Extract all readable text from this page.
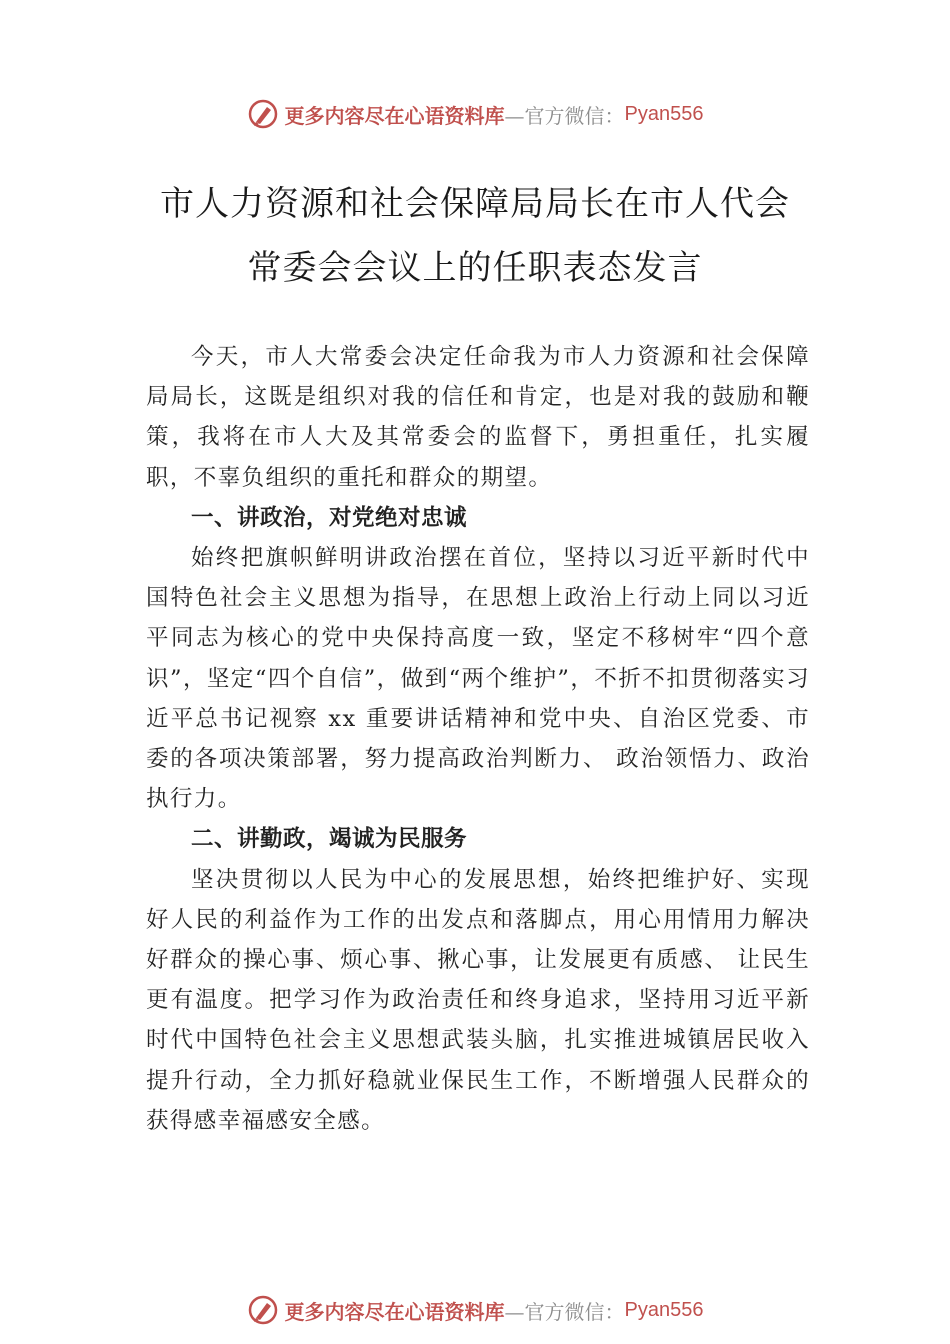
更多内容尽在心语资料库 —官方微信： Pyan556
市人力资源和社会保障局局长在市人代会
常委会会议上的任职表态发言

今天，市人大常委会决定任命我为市人力资源和社会保障局局长，这既是组织对我的信任和肯定，也是对我的鼓励和鞭策，我将在市人大及其常委会的监督下，勇担重任，扎实履职，不辜负组织的重托和群众的期望。

一、讲政治，对党绝对忠诚

始终把旗帜鲜明讲政治摆在首位，坚持以习近平新时代中国特色社会主义思想为指导，在思想上政治上行动上同以习近平同志为核心的党中央保持高度一致，坚定不移树牢“四个意识”，坚定“四个自信”，做到“两个维护”，不折不扣贯彻落实习近平总书记视察 xx 重要讲话精神和党中央、自治区党委、市委的各项决策部署，努力提高政治判断力、 政治领悟力、政治执行力。

二、讲勤政，竭诚为民服务

坚决贯彻以人民为中心的发展思想，始终把维护好、实现好人民的利益作为工作的出发点和落脚点，用心用情用力解决好群众的操心事、烦心事、揪心事，让发展更有质感、 让民生更有温度。把学习作为政治责任和终身追求，坚持用习近平新时代中国特色社会主义思想武装头脑，扎实推进城镇居民收入提升行动，全力抓好稳就业保民生工作，不断增强人民群众的获得感幸福感安全感。

更多内容尽在心语资料库 —官方微信： Pyan556
